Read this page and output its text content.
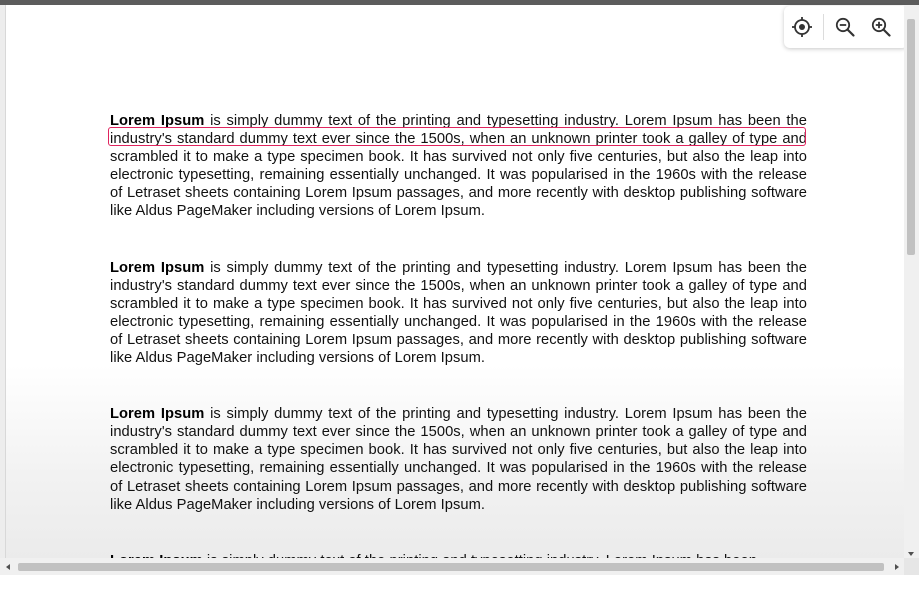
Lorem Ipsum is simply dummy text of the printing and typesetting industry. Lorem Ipsum has been the industry's standard dummy text ever since the 1500s, when an unknown printer took a galley of type and scrambled it to make a type specimen book. It has survived not only five centuries, but also the leap into electronic typesetting, remaining essentially unchanged. It was popularised in the 1960s with the release of Letraset sheets containing Lorem Ipsum passages, and more recently with desktop publishing software like Aldus PageMaker including versions of Lorem Ipsum.

Lorem Ipsum is simply dummy text of the printing and typesetting industry. Lorem Ipsum has been the industry's standard dummy text ever since the 1500s, when an unknown printer took a galley of type and scrambled it to make a type specimen book. It has survived not only five centuries, but also the leap into electronic typesetting, remaining essentially unchanged. It was popularised in the 1960s with the release of Letraset sheets containing Lorem Ipsum passages, and more recently with desktop publishing software like Aldus PageMaker including versions of Lorem Ipsum.

Lorem Ipsum is simply dummy text of the printing and typesetting industry. Lorem Ipsum has been the industry's standard dummy text ever since the 1500s, when an unknown printer took a galley of type and scrambled it to make a type specimen book. It has survived not only five centuries, but also the leap into electronic typesetting, remaining essentially unchanged. It was popularised in the 1960s with the release of Letraset sheets containing Lorem Ipsum passages, and more recently with desktop publishing software like Aldus PageMaker including versions of Lorem Ipsum.
